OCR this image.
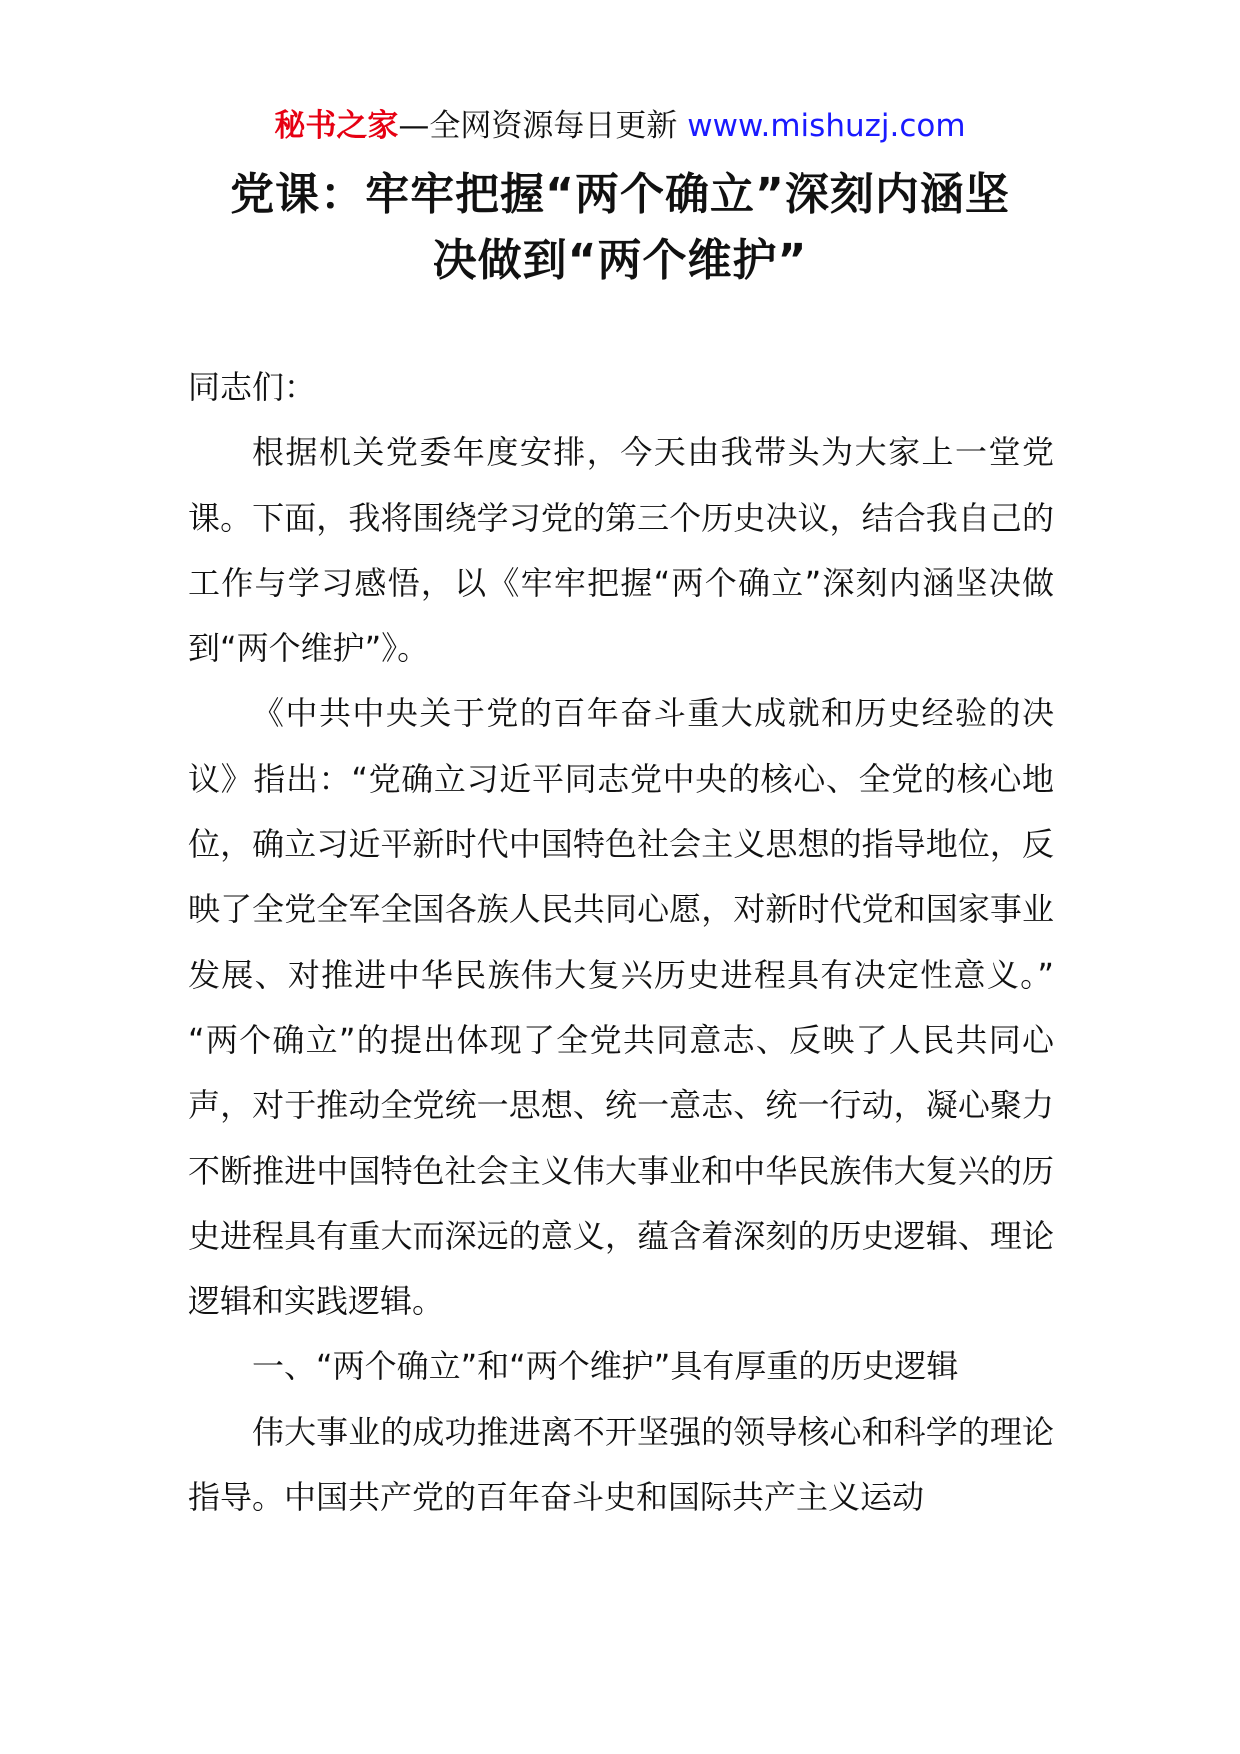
秘书之家—全网资源每日更新 www.mishuzj.com
党课：牢牢把握“两个确立”深刻内涵坚
决做到“两个维护”

同志们：

根据机关党委年度安排，今天由我带头为大家上一堂党课。下面，我将围绕学习党的第三个历史决议，结合我自己的工作与学习感悟，以《牢牢把握“两个确立”深刻内涵坚决做到“两个维护”》。

《中共中央关于党的百年奋斗重大成就和历史经验的决议》指出：“党确立习近平同志党中央的核心、全党的核心地位，确立习近平新时代中国特色社会主义思想的指导地位，反映了全党全军全国各族人民共同心愿，对新时代党和国家事业发展、对推进中华民族伟大复兴历史进程具有决定性意义。” “两个确立”的提出体现了全党共同意志、反映了人民共同心声，对于推动全党统一思想、统一意志、统一行动，凝心聚力不断推进中国特色社会主义伟大事业和中华民族伟大复兴的历史进程具有重大而深远的意义，蕴含着深刻的历史逻辑、理论逻辑和实践逻辑。

一、“两个确立”和“两个维护”具有厚重的历史逻辑

伟大事业的成功推进离不开坚强的领导核心和科学的理论指导。中国共产党的百年奋斗史和国际共产主义运动
